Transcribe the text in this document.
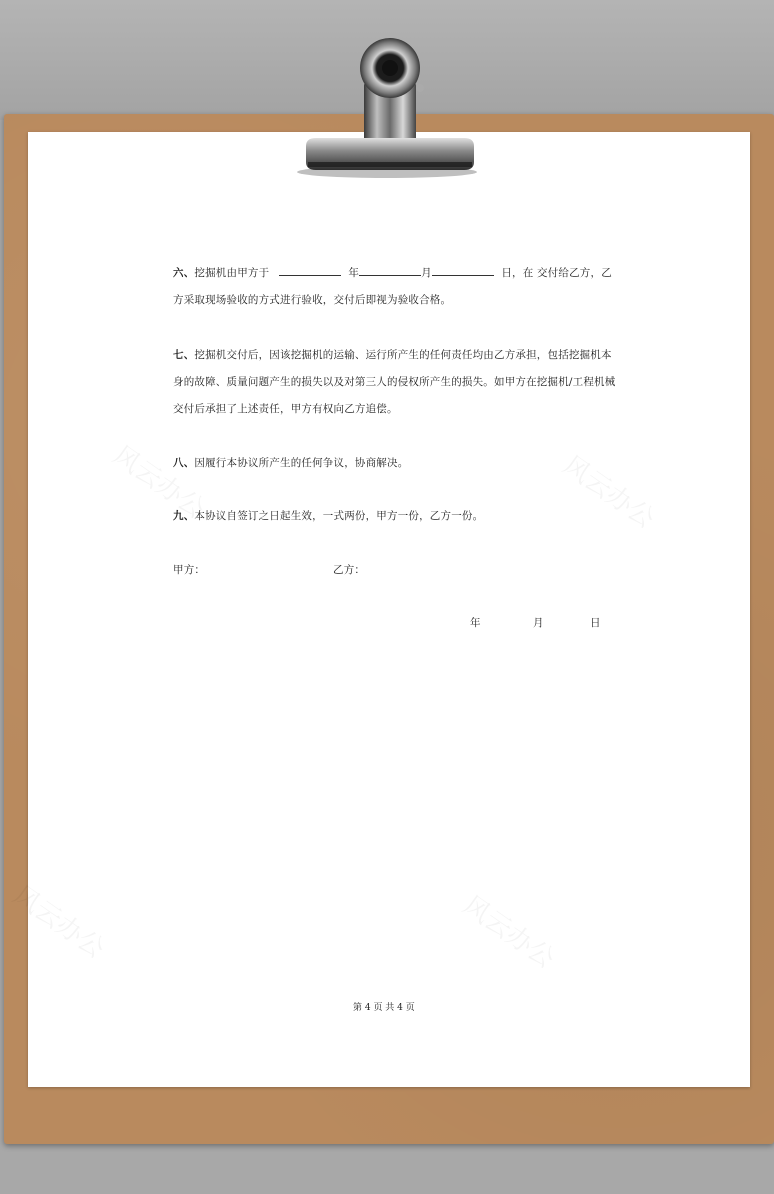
六、挖掘机由甲方于	年	月	日，在 交付给乙方，乙
方采取现场验收的方式进行验收，交付后即视为验收合格。
七、挖掘机交付后，因该挖掘机的运输、运行所产生的任何责任均由乙方承担，包括挖掘机本
身的故障、质量问题产生的损失以及对第三人的侵权所产生的损失。如甲方在挖掘机/工程机械
交付后承担了上述责任，甲方有权向乙方追偿。
八、因履行本协议所产生的任何争议，协商解决。
九、本协议自签订之日起生效，一式两份，甲方一份，乙方一份。
甲方：	乙方：
年	月	日
第 4 页 共 4 页
